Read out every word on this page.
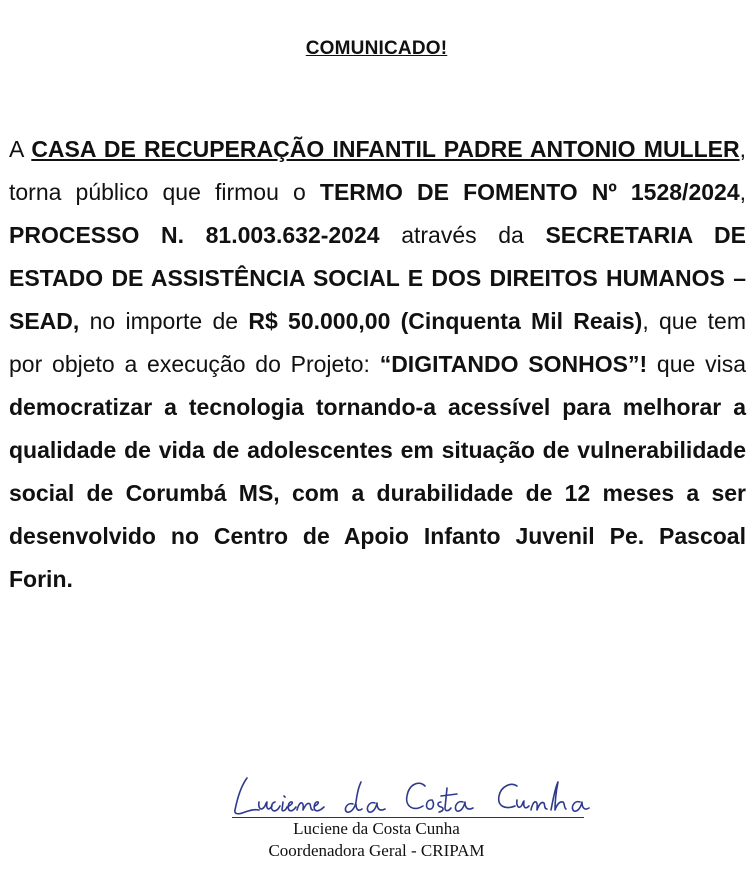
COMUNICADO!
A CASA DE RECUPERAÇÃO INFANTIL PADRE ANTONIO MULLER, torna público que firmou o TERMO DE FOMENTO Nº 1528/2024, PROCESSO N. 81.003.632-2024 através da SECRETARIA DE ESTADO DE ASSISTÊNCIA SOCIAL E DOS DIREITOS HUMANOS – SEAD, no importe de R$ 50.000,00 (Cinquenta Mil Reais), que tem por objeto a execução do Projeto: “DIGITANDO SONHOS”! que visa democratizar a tecnologia tornando-a acessível para melhorar a qualidade de vida de adolescentes em situação de vulnerabilidade social de Corumbá MS, com a durabilidade de 12 meses a ser desenvolvido no Centro de Apoio Infanto Juvenil Pe. Pascoal Forin.
Luciene da Costa Cunha
Coordenadora Geral - CRIPAM
